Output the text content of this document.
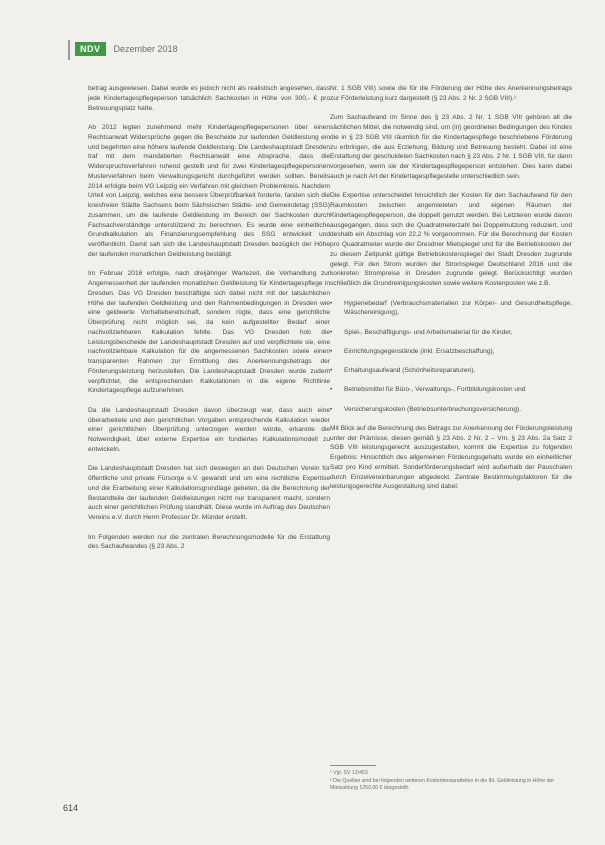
NDV	Dezember 2018

betrag ausgewiesen. Dabei wurde es jedoch nicht als realistisch angesehen, dass jede Kindertagespflegeperson tatsächlich Sachkosten in Höhe von 300,- € pro Betreuungsplatz hatte.

Ab 2012 legten zunehmend mehr Kindertagespflegepersonen über einen Rechtsanwalt Widersprüche gegen die Bescheide zur laufenden Geldleistung ein und begehrten eine höhere laufende Geldleistung. Die Landeshauptstadt Dresden traf mit dem mandatierten Rechtsanwalt eine Absprache, dass die Widerspruchsverfahren ruhend gestellt und für zwei Kindertagespflegepersonen Musterverfahren beim Verwaltungsgericht durchgeführt werden sollten. Bereits 2014 erfolgte beim VG Leipzig ein Verfahren mit gleichem Problemkreis. Nachdem Urteil von Leipzig, welches eine bessere Überprüfbarkeit forderte, fanden sich die kreisfreien Städte Sachsens beim Sächsischen Städte- und Gemeindetag (SSG) zusammen, um die laufende Geldleistung im Bereich der Sachkosten durch Fachsachverständige unterstützend zu berechnen. Es wurde eine einheitliche Grundkalkulation als Finanzierungsempfehlung des SSG entwickelt und veröffentlicht. Damit sah sich die Landeshauptstadt Dresden bezüglich der Höhe der laufenden monatlichen Geldleistung bestätigt.

Im Februar 2016 erfolgte, nach dreijähriger Wartezeit, die Verhandlung zur Angemessenheit der laufenden monatlichen Geldleistung für Kindertagespflege in Dresden. Das VG Dresden beschäftigte sich dabei nicht mit der tatsächlichen Höhe der laufenden Geldleistung und den Rahmenbedingungen in Dresden wie eine geldwerte Vorhaltebereitschaft, sondern rügte, dass eine gerichtliche Überprüfung nicht möglich sei, da kein aufgestellter Bedarf einer nachvollziehbaren Kalkulation fehlte. Das VG Dresden hob die Leistungsbescheide der Landeshauptstadt Dresden auf und verpflichtete sie, eine nachvollziehbare Kalkulation für die angemessenen Sachkosten sowie einen transparenten Rahmen zur Ermittlung des Anerkennungsbetrags der Förderungsleistung herzustellen. Die Landeshauptstadt Dresden wurde zudem verpflichtet, die entsprechenden Kalkulationen in die eigene Richtlinie Kindertagespflege aufzunehmen.

Da die Landeshauptstadt Dresden davon überzeugt war, dass auch eine überarbeitete und den gerichtlichen Vorgaben entsprechende Kalkulation wieder einer gerichtlichen Überprüfung unterzogen werden würde, erkannte die Notwendigkeit, über externe Expertise ein fundiertes Kalkulationsmodell zu entwickeln.

Die Landeshauptstadt Dresden hat sich deswegen an den Deutschen Verein für öffentliche und private Fürsorge e.V. gewandt und um eine rechtliche Expertise und die Erarbeitung einer Kalkulationsgrundlage gebeten, da die Berechnung der Bestandteile der laufenden Geldleistungen nicht nur transparent macht, sondern auch einer gerichtlichen Prüfung standhält. Diese wurde im Auftrag des Deutschen Vereins e.V. durch Herrn Professor Dr. Münder erstellt.

Im Folgenden werden nur die zentralen Berechnungsmodelle für die Erstattung des Sachaufwandes (§ 23 Abs. 2

Nr. 1 SGB VIII) sowie die für die Förderung der Höhe des Anerkennungsbetrags zur Förderleistung kurz dargestellt (§ 23 Abs. 2 Nr. 2 SGB VIII).¹

Zum Sachaufwand im Sinne des § 23 Abs. 2 Nr. 1 SGB VIII gehören all die sächlichen Mittel, die notwendig sind, um (in) geordneten Bedingungen des Kindes die in § 23 SGB VIII räumlich für die Kindertagespflege beschriebene Förderung zu erbringen, die aus Erziehung, Bildung und Betreuung besteht. Dabei ist eine Erstattung der geschuldeten Sachkosten nach § 23 Abs. 2 Nr. 1 SGB VIII, für dann vorgesehen, wenn sie der Kindertagespflegeperson entstehen. Dies kann dabei auch je nach Art der Kindertagespflegestelle unterschiedlich sein.

Die Expertise unterscheidet hinsichtlich der Kosten für den Sachaufwand für den Raumkosten zwischen angemieteten und eigenen Räumen der Kindertagespflegeperson, die doppelt genutzt werden. Bei Letzteren wurde davon ausgegangen, dass sich die Quadratmeterzahl bei Doppelnutzung reduziert, und deshalb ein Abschlag von 22,2 % vorgenommen. Für die Berechnung der Kosten pro Quadratmeter wurde der Dresdner Mietspiegel und für die Betriebskosten der zu diesem Zeitpunkt gültige Betriebskostenspiegel der Stadt Dresden zugrunde gelegt. Für den Strom wurden der Stromspiegel Deutschland 2016 und die konkreten Strompreise in Dresden zugrunde gelegt. Berücksichtigt wurden schließlich die Grundreinigungskosten sowie weitere Kostenposten wie z.B.

• Hygienebedarf (Verbrauchsmaterialien zur Körper- und Gesundheitspflege, Wäschereinigung),
• Spiel-, Beschäftigungs- und Arbeitsmaterial für die Kinder,
• Einrichtungsgegenstände (inkl. Ersatzbeschaffung),
• Erhaltungsaufwand (Schönheitsreparaturen),
• Betriebsmittel für Büro-, Verwaltungs-, Fortbildungskosten und
• Versicherungskosten (Betriebsunterbrechungsversicherung).

Mit Blick auf die Berechnung des Betrags zur Anerkennung der Förderungsleistung unter der Prämisse, diesen gemäß § 23 Abs. 2 Nr. 2 – Vm. § 23 Abs. 2a Satz 2 SGB VIII leistungsgerecht auszugestalten, kommt die Expertise zu folgenden Ergebnis: Hinsichtlich des allgemeinen Förderungsgehalts wurde ein einheitlicher Satz pro Kind ermittelt. Sonderförderungsbedarf wird außerhalb der Pauschalen durch Einzelvereinbarungen abgedeckt. Zentrale Bestimmungsfaktoren für die leistungsgerechte Ausgestaltung sind dabei:

¹ Vgl. SV 12/453
² Die Quellen sind bei folgenden weiteren Kostenbestandteilen in die lfd. Geldleistung in Höhe der Mietzahlung 1250,00 € dargestellt.
614
